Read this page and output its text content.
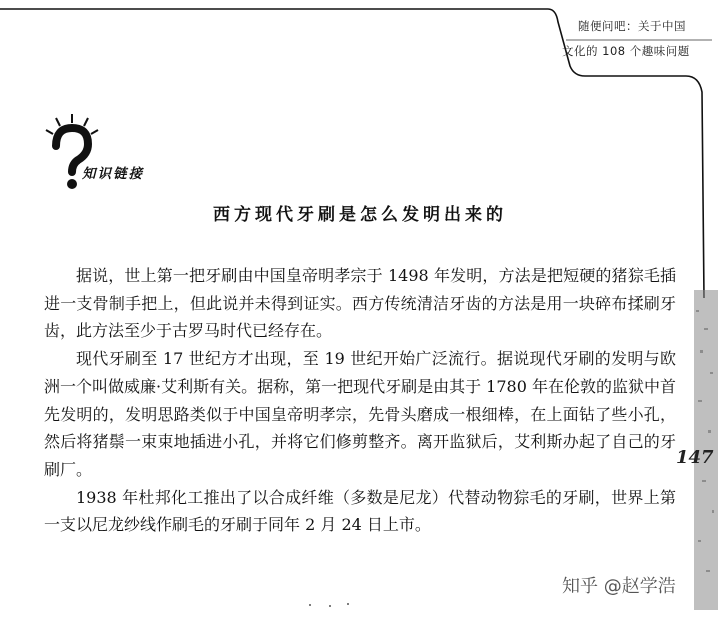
随便问吧：关于中国
文化的 108 个趣味问题
知识链接
西方现代牙刷是怎么发明出来的

据说，世上第一把牙刷由中国皇帝明孝宗于 1498 年发明，方法是把短硬的猪猔毛插进一支骨制手把上，但此说并未得到证实。西方传统清洁牙齿的方法是用一块碎布揉刷牙齿，此方法至少于古罗马时代已经存在。

现代牙刷至 17 世纪方才出现，至 19 世纪开始广泛流行。据说现代牙刷的发明与欧洲一个叫做威廉·艾利斯有关。据称，第一把现代牙刷是由其于 1780 年在伦敦的监狱中首先发明的，发明思路类似于中国皇帝明孝宗，先骨头磨成一根细棒，在上面钻了些小孔，然后将猪鬃一束束地插进小孔，并将它们修剪整齐。离开监狱后，艾利斯办起了自己的牙刷厂。

1938 年杜邦化工推出了以合成纤维（多数是尼龙）代替动物猔毛的牙刷，世界上第一支以尼龙纱线作刷毛的牙刷于同年 2 月 24 日上市。

147
知乎 @赵学浩
